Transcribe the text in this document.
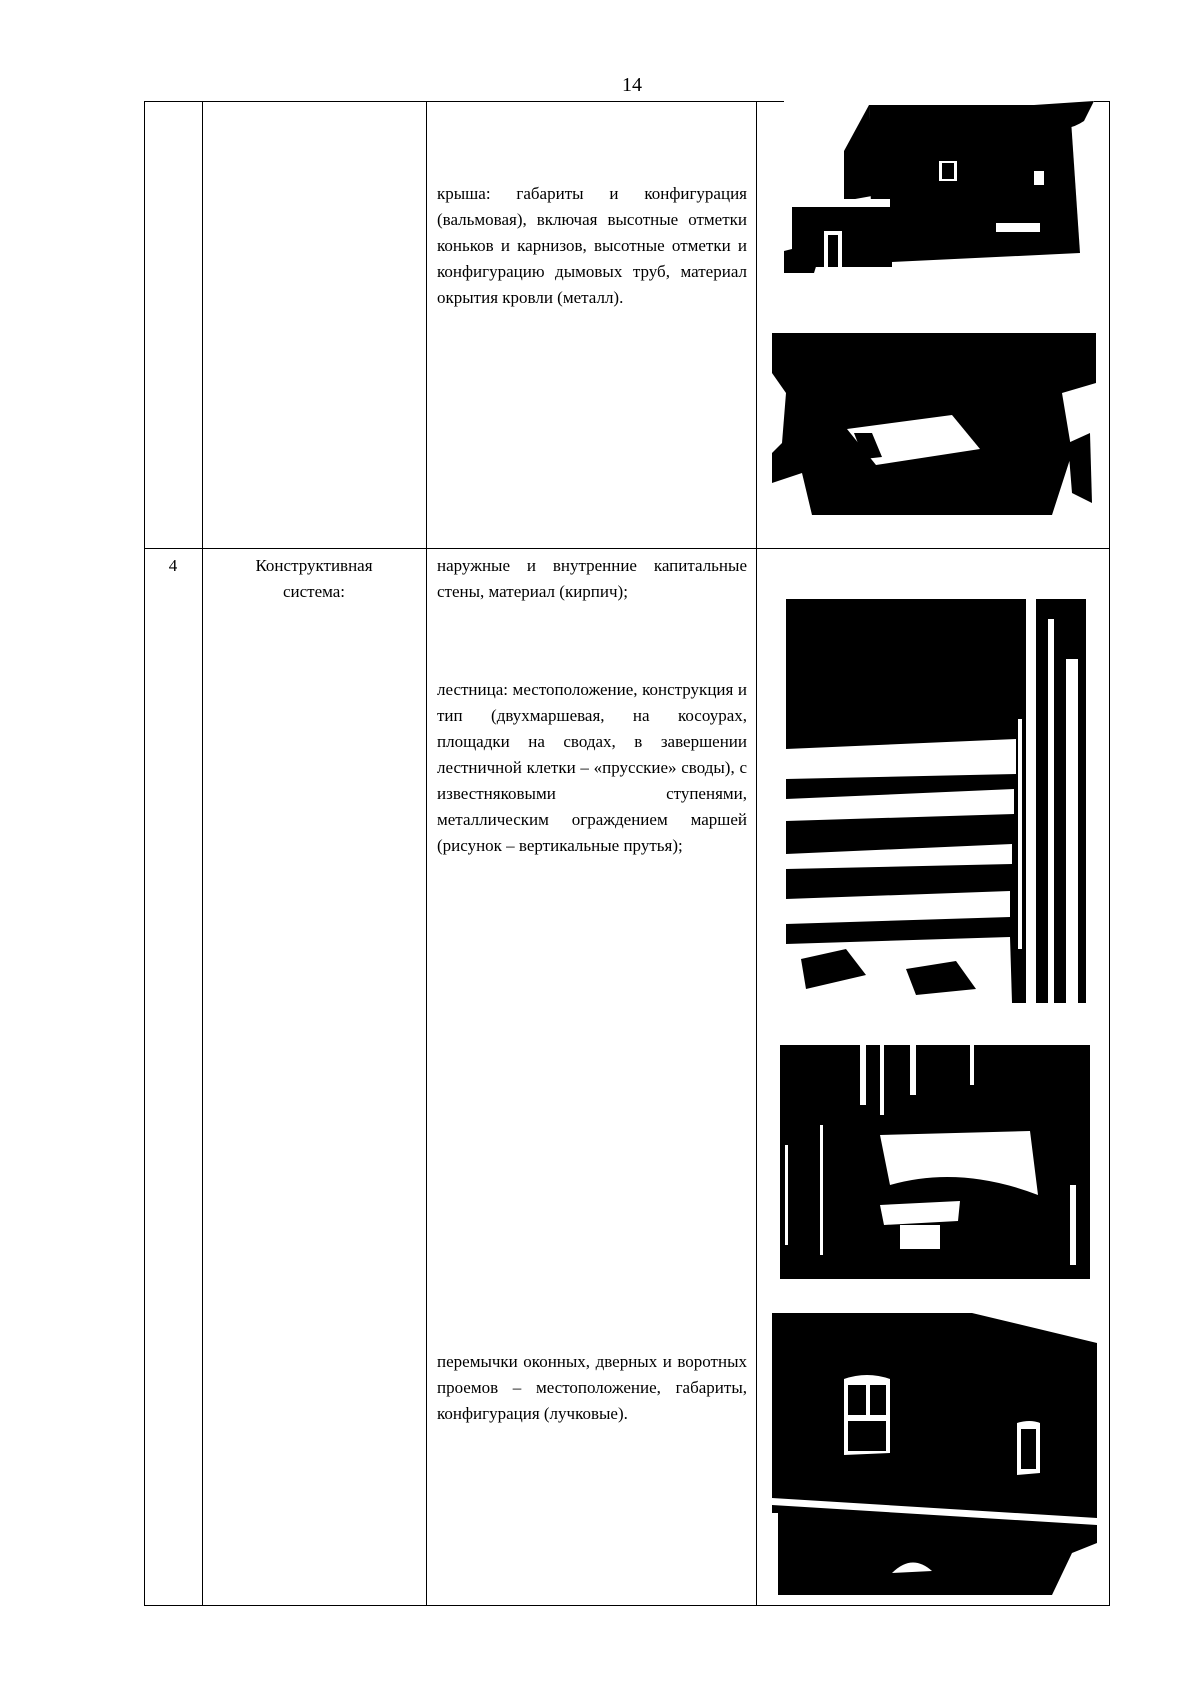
14
крыша: габариты и конфигурация (вальмовая), включая высотные отметки коньков и карнизов, высотные отметки и конфигурацию дымовых труб, материал окрытия кровли (металл).
4	Конструктивная
система:
наружные и внутренние капитальные стены, материал (кирпич);
лестница: местоположение, конструкция и тип (двухмаршевая, на косоурах, площадки на сводах, в завершении лестничной клетки – «прусские» своды), с известняковыми ступенями, металлическим ограждением маршей (рисунок – вертикальные прутья);
перемычки оконных, дверных и воротных проемов – местоположение, габариты, конфигурация (лучковые).
